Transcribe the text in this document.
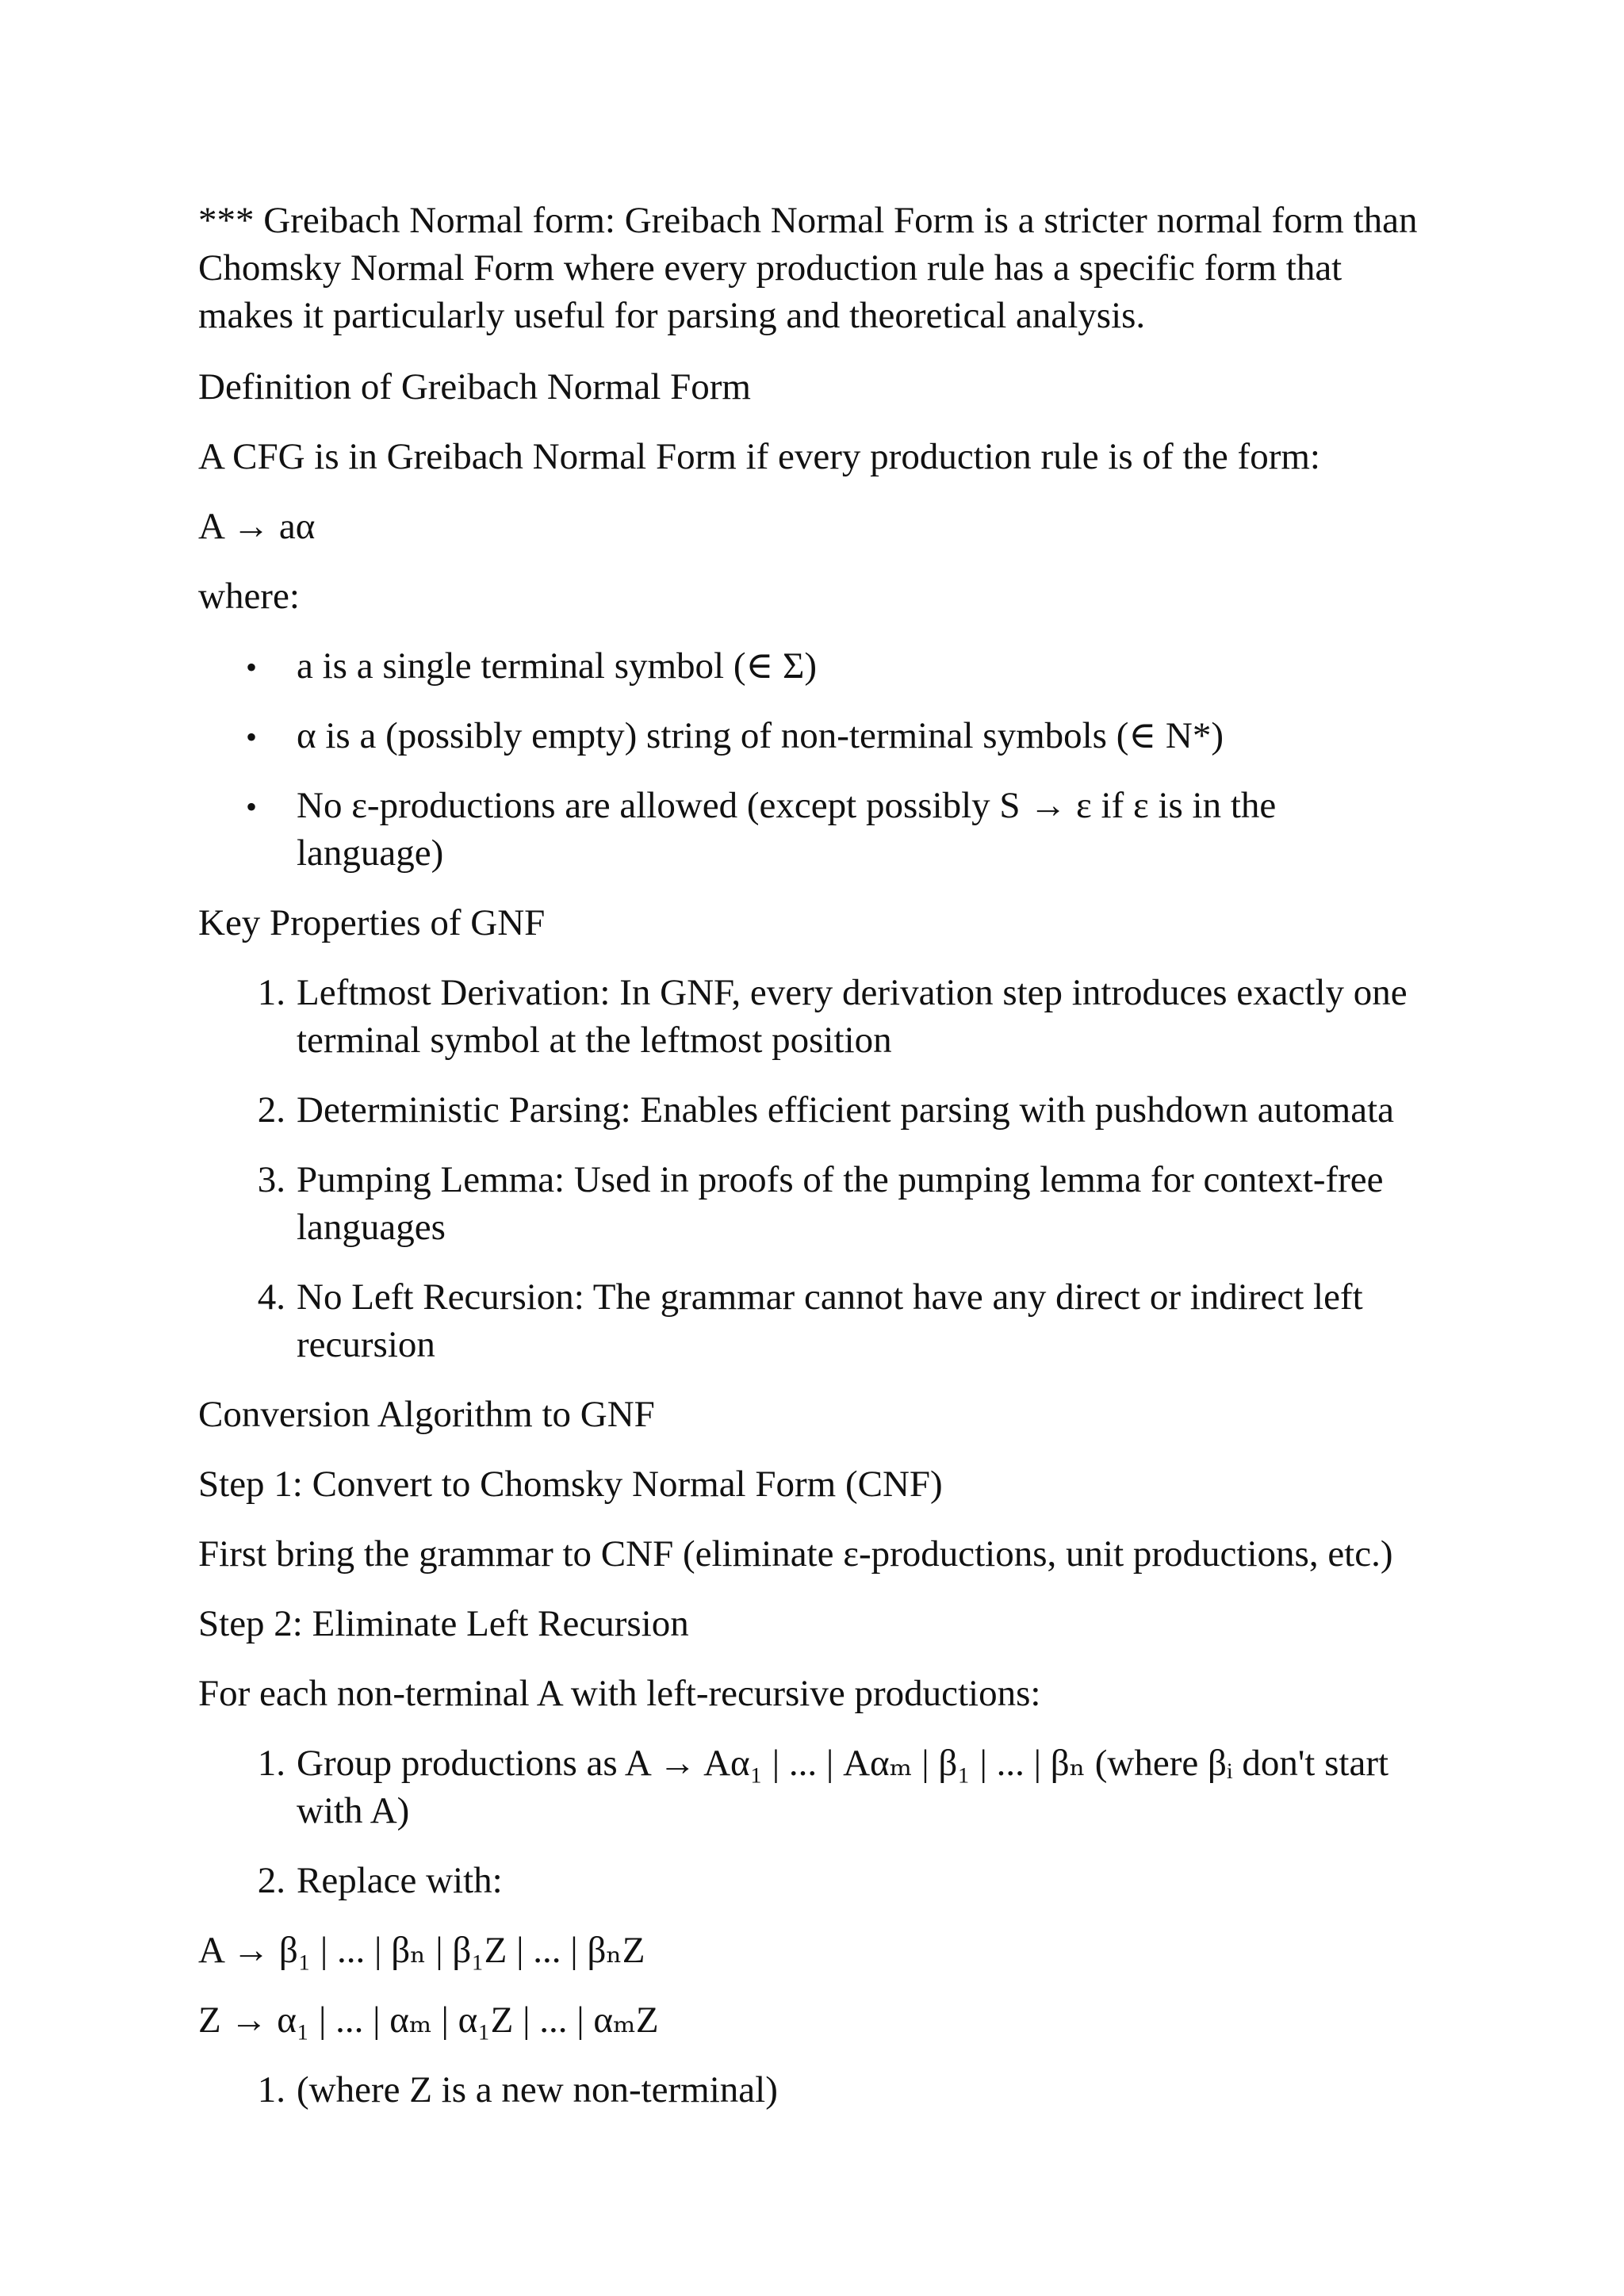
*** Greibach Normal form: Greibach Normal Form is a stricter normal form than Chomsky Normal Form where every production rule has a specific form that makes it particularly useful for parsing and theoretical analysis.

Definition of Greibach Normal Form

A CFG is in Greibach Normal Form if every production rule is of the form:

A → aα

where:

• a is a single terminal symbol (∈ Σ)

• α is a (possibly empty) string of non-terminal symbols (∈ N*)

• No ε-productions are allowed (except possibly S → ε if ε is in the language)

Key Properties of GNF

1. Leftmost Derivation: In GNF, every derivation step introduces exactly one terminal symbol at the leftmost position

2. Deterministic Parsing: Enables efficient parsing with pushdown automata

3. Pumping Lemma: Used in proofs of the pumping lemma for context-free languages

4. No Left Recursion: The grammar cannot have any direct or indirect left recursion

Conversion Algorithm to GNF

Step 1: Convert to Chomsky Normal Form (CNF)

First bring the grammar to CNF (eliminate ε-productions, unit productions, etc.)

Step 2: Eliminate Left Recursion

For each non-terminal A with left-recursive productions:

1. Group productions as A → Aα₁ | ... | Aαₘ | β₁ | ... | βₙ (where βᵢ don't start with A)

2. Replace with:

A → β₁ | ... | βₙ | β₁Z | ... | βₙZ

Z → α₁ | ... | αₘ | α₁Z | ... | αₘZ

1. (where Z is a new non-terminal)
